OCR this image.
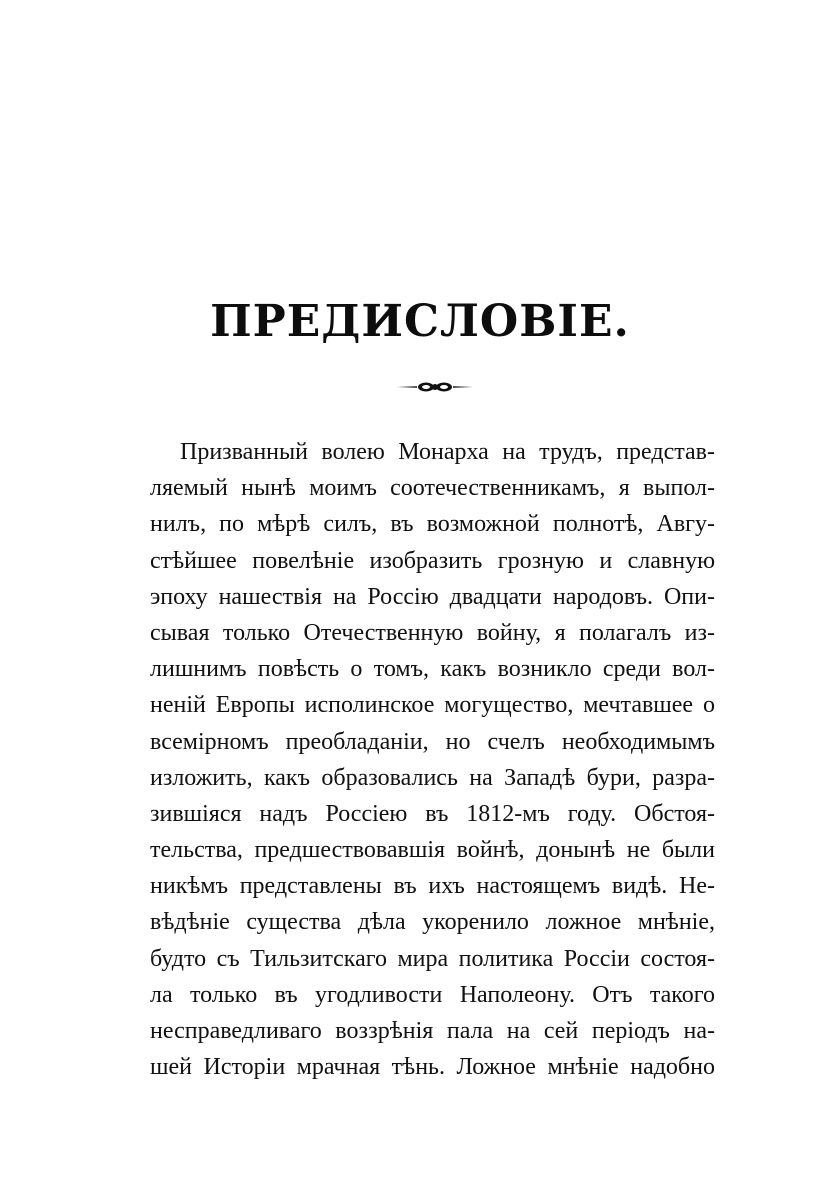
ПРЕДИСЛОВІЕ.
Призванный волею Монарха на трудъ, представ-
ляемый нынѣ моимъ соотечественникамъ, я выпол-
нилъ, по мѣрѣ силъ, въ возможной полнотѣ, Авгу-
стѣйшее повелѣніе изобразить грозную и славную
эпоху нашествія на Россію двадцати народовъ. Опи-
сывая только Отечественную войну, я полагалъ из-
лишнимъ повѣсть о томъ, какъ возникло среди вол-
неній Европы исполинское могущество, мечтавшее о
всемірномъ преобладаніи, но счелъ необходимымъ
изложить, какъ образовались на Западѣ бури, разра-
зившіяся надъ Россіею въ 1812-мъ году. Обстоя-
тельства, предшествовавшія войнѣ, донынѣ не были
никѣмъ представлены въ ихъ настоящемъ видѣ. Не-
вѣдѣніе существа дѣла укоренило ложное мнѣніе,
будто съ Тильзитскаго мира политика Россіи состоя-
ла только въ угодливости Наполеону. Отъ такого
несправедливаго воззрѣнія пала на сей періодъ на-
шей Исторіи мрачная тѣнь. Ложное мнѣніе надобно
